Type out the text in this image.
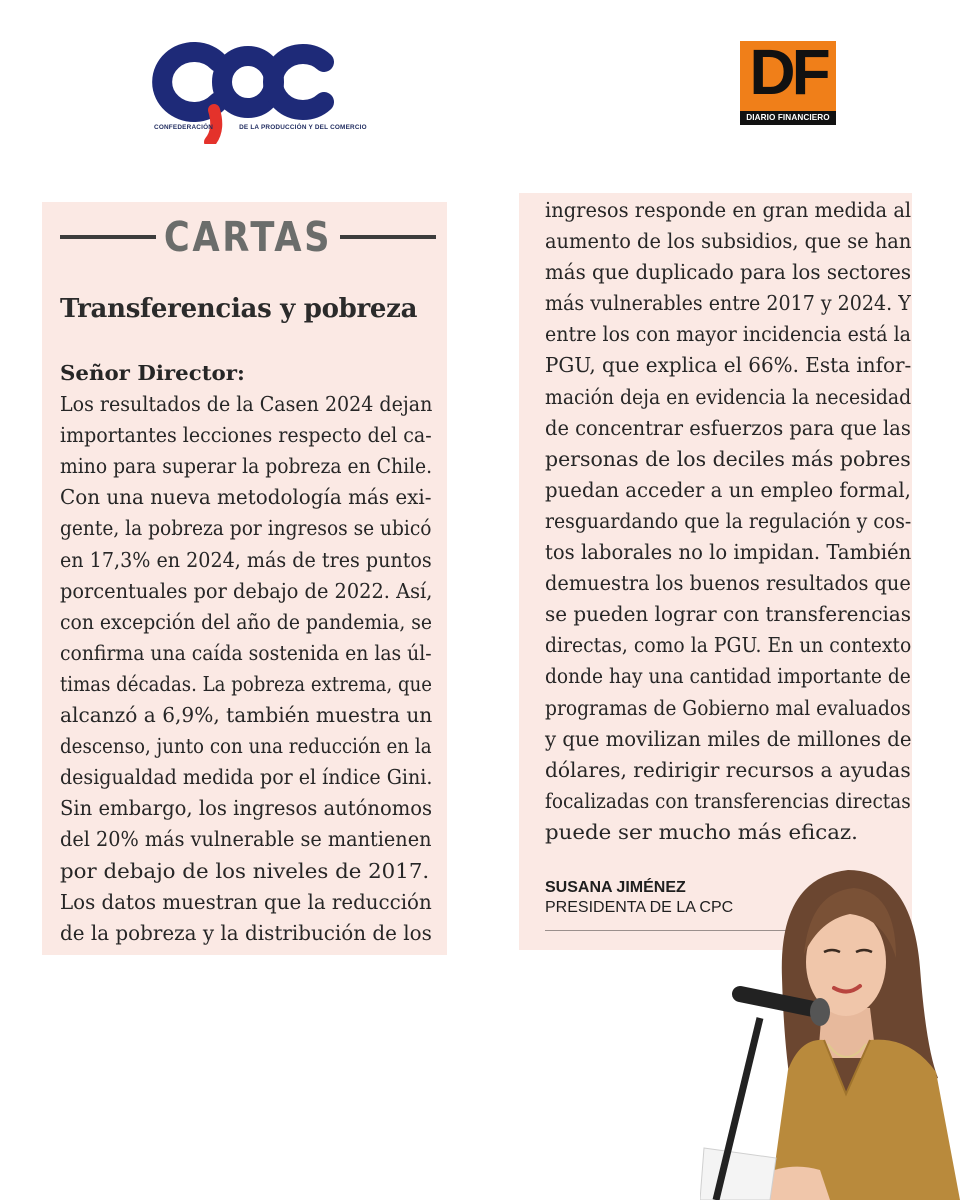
CONFEDERACIÓN	DE LA PRODUCCIÓN Y DEL COMERCIO
DF
DIARIO FINANCIERO
CARTAS
Transferencias y pobreza
Señor Director:
Los resultados de la Casen 2024 dejan
importantes lecciones respecto del ca-
mino para superar la pobreza en Chile.
Con una nueva metodología más exi-
gente, la pobreza por ingresos se ubicó
en 17,3% en 2024, más de tres puntos
porcentuales por debajo de 2022. Así,
con excepción del año de pandemia, se
confirma una caída sostenida en las úl-
timas décadas. La pobreza extrema, que
alcanzó a 6,9%, también muestra un
descenso, junto con una reducción en la
desigualdad medida por el índice Gini.
Sin embargo, los ingresos autónomos
del 20% más vulnerable se mantienen
por debajo de los niveles de 2017.
Los datos muestran que la reducción
de la pobreza y la distribución de los
ingresos responde en gran medida al
aumento de los subsidios, que se han
más que duplicado para los sectores
más vulnerables entre 2017 y 2024. Y
entre los con mayor incidencia está la
PGU, que explica el 66%. Esta infor-
mación deja en evidencia la necesidad
de concentrar esfuerzos para que las
personas de los deciles más pobres
puedan acceder a un empleo formal,
resguardando que la regulación y cos-
tos laborales no lo impidan. También
demuestra los buenos resultados que
se pueden lograr con transferencias
directas, como la PGU. En un contexto
donde hay una cantidad importante de
programas de Gobierno mal evaluados
y que movilizan miles de millones de
dólares, redirigir recursos a ayudas
focalizadas con transferencias directas
puede ser mucho más eficaz.
SUSANA JIMÉNEZ
PRESIDENTA DE LA CPC
